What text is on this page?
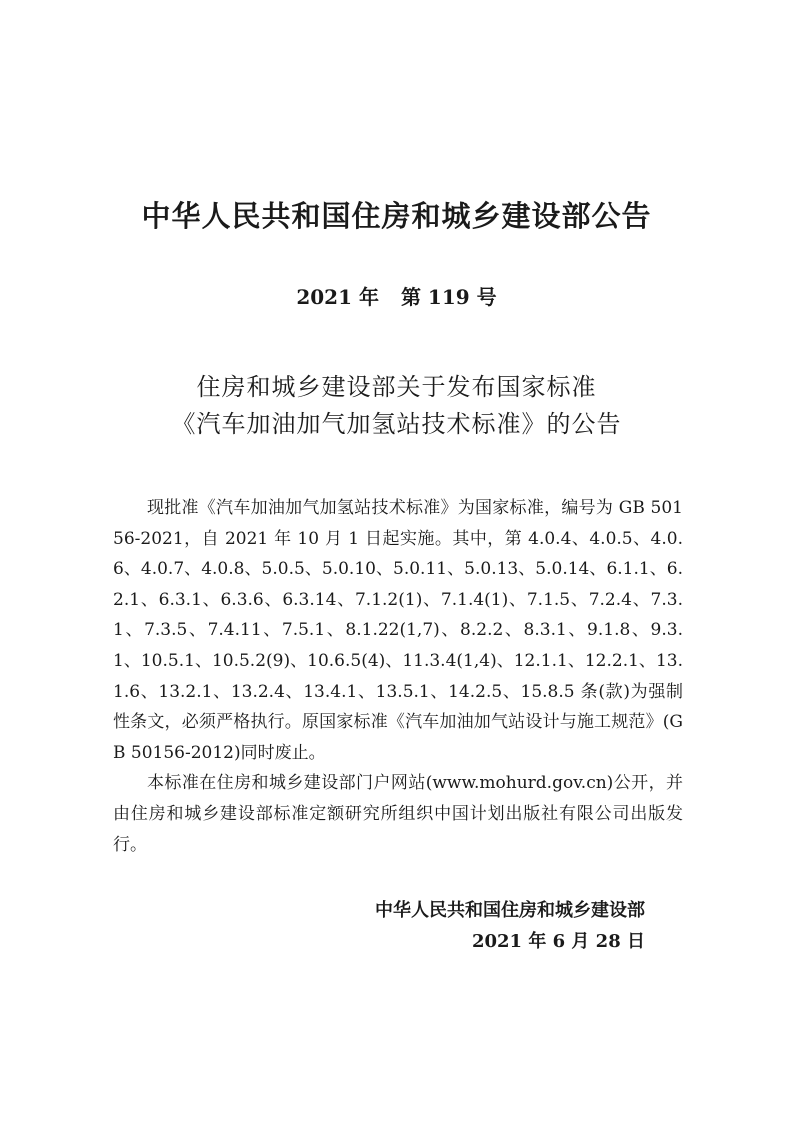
中华人民共和国住房和城乡建设部公告
2021 年 第 119 号
住房和城乡建设部关于发布国家标准
《汽车加油加气加氢站技术标准》的公告

现批准《汽车加油加气加氢站技术标准》为国家标准，编号为 GB 50156-2021，自 2021 年 10 月 1 日起实施。其中，第 4.0.4、4.0.5、4.0.6、4.0.7、4.0.8、5.0.5、5.0.10、5.0.11、5.0.13、5.0.14、6.1.1、6.2.1、6.3.1、6.3.6、6.3.14、7.1.2(1)、7.1.4(1)、7.1.5、7.2.4、7.3.1、7.3.5、7.4.11、7.5.1、8.1.22(1,7)、8.2.2、8.3.1、9.1.8、9.3.1、10.5.1、10.5.2(9)、10.6.5(4)、11.3.4(1,4)、12.1.1、12.2.1、13.1.6、13.2.1、13.2.4、13.4.1、13.5.1、14.2.5、15.8.5 条(款)为强制性条文，必须严格执行。原国家标准《汽车加油加气站设计与施工规范》(GB 50156-2012)同时废止。

本标准在住房和城乡建设部门户网站(www.mohurd.gov.cn)公开，并由住房和城乡建设部标准定额研究所组织中国计划出版社有限公司出版发行。

中华人民共和国住房和城乡建设部
2021 年 6 月 28 日
